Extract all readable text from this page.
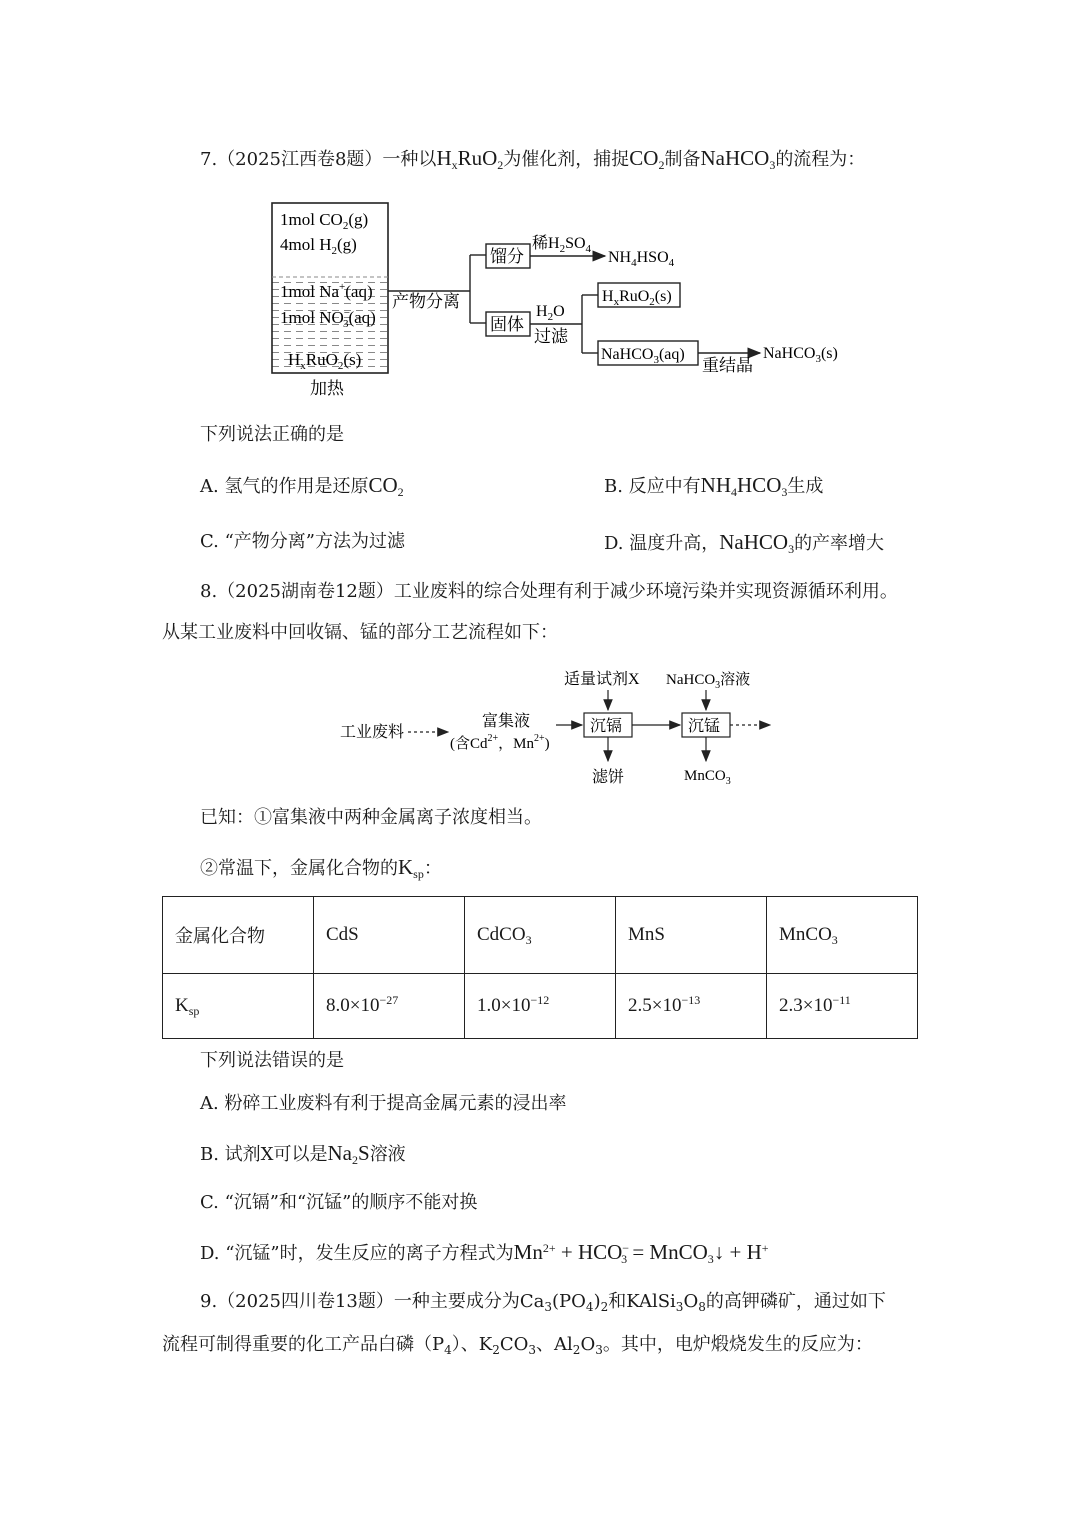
7.（2025江西卷8题）一种以$H_xRuO_2$为催化剂，捕捉$CO_2$制备NaHCO$_3$的流程为：
1mol $CO_2(g)$
4mol $H_2(g)$
1mol Na+(aq)
1mol NO− 3(aq)
$H_xRuO_2(s)$
加热
产物分离
馏分
稀$H_2SO_4$ $NH_4HSO_4$
固体
$H_2O$
过滤
$H_xRuO_2(s)$
NaHCO$_3$(aq)
重结晶
NaHCO$_3$(s)
下列说法正确的是
A. 氢气的作用是还原$CO_2$	B. 反应中有$NH_4HCO_3$生成
C. “产物分离”方法为过滤	D. 温度升高，NaHCO$_3$的产率增大
8.（2025湖南卷12题）工业废料的综合处理有利于减少环境污染并实现资源循环利用。
从某工业废料中回收镉、锰的部分工艺流程如下：
工业废料
富集液
(含$Cd^{2+}$，$Mn^{2+}$)
适量试剂X
沉镉
滤饼
NaHCO$_3$溶液
沉锰
MnCO$_3$
已知：①富集液中两种金属离子浓度相当。
②常温下，金属化合物的$K_{sp}$：
金属化合物	CdS	CdCO$_3$	MnS	MnCO$_3$
$K_{sp}$	$8.0\times 10^{-27}$	$1.0\times 10^{-12}$	$2.5\times 10^{-13}$	$2.3\times 10^{-11}$
下列说法错误的是
A. 粉碎工业废料有利于提高金属元素的浸出率
B. 试剂X可以是$Na_2S$溶液
C. “沉镉”和“沉锰”的顺序不能对换
D. “沉锰”时，发生反应的离子方程式为$Mn^{2+} + HCO^-_3$ = MnCO$_3$↓ + H+
9.（2025四川卷13题）一种主要成分为$Ca_3(PO_4)_2$和$KAlSi_3O_8$的高钾磷矿，通过如下
流程可制得重要的化工产品白磷$(P_4)$、$K_2CO_3$、$Al_2O_3$。其中，电炉煅烧发生的反应为：
